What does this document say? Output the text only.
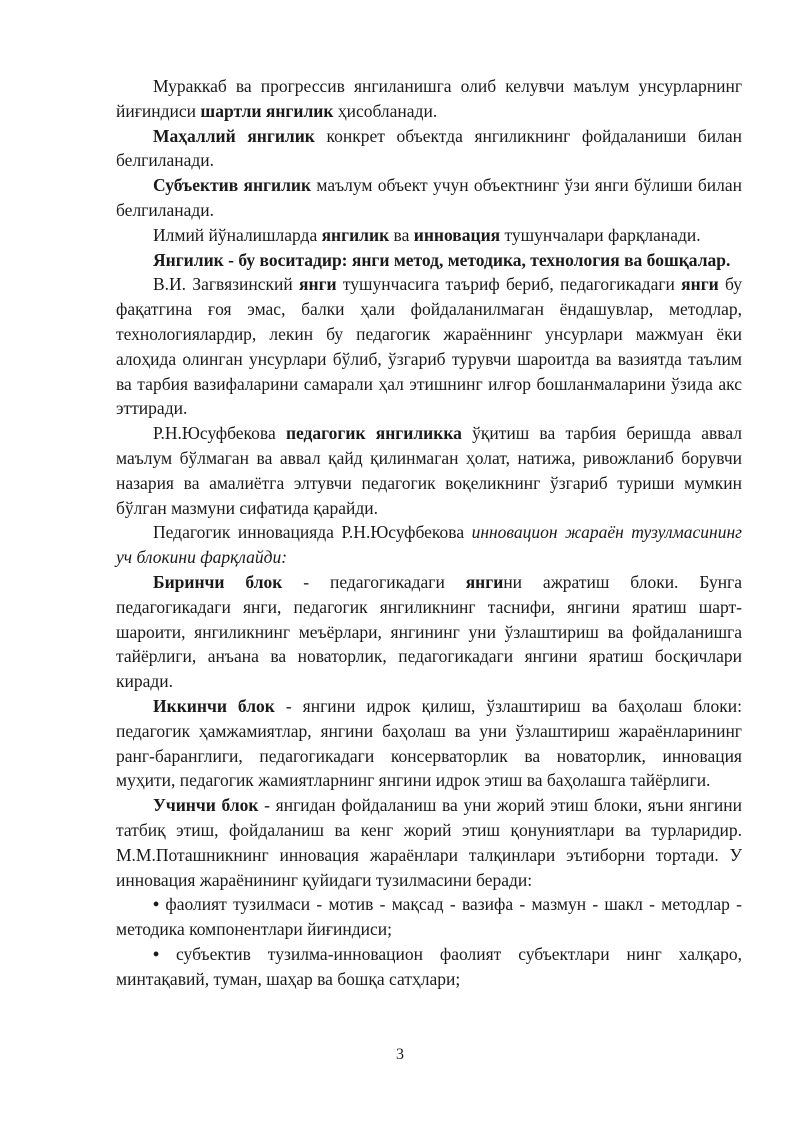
Мураккаб ва прогрессив янгиланишга олиб келувчи маълум унсурларнинг йиғиндиси шартли янгилик ҳисобланади.

Маҳаллий янгилик конкрет объектда янгиликнинг фойдаланиши билан белгиланади.

Субъектив янгилик маълум объект учун объектнинг ўзи янги бўлиши билан белгиланади.

Илмий йўналишларда янгилик ва инновация тушунчалари фарқланади.

Янгилик - бу воситадир: янги метод, методика, технология ва бошқалар.

В.И. Загвязинский янги тушунчасига таъриф бериб, педагогикадаги янги бу фақатгина ғоя эмас, балки ҳали фойдаланилмаган ёндашувлар, методлар, технологиялардир, лекин бу педагогик жараённинг унсурлари мажмуан ёки алоҳида олинган унсурлари бўлиб, ўзгариб турувчи шароитда ва вазиятда таълим ва тарбия вазифаларини самарали ҳал этишнинг илғор бошланмаларини ўзида акс эттиради.

Р.Н.Юсуфбекова педагогик янгиликка ўқитиш ва тарбия беришда аввал маълум бўлмаган ва аввал қайд қилинмаган ҳолат, натижа, ривожланиб борувчи назария ва амалиётга элтувчи педагогик воқеликнинг ўзгариб туриши мумкин бўлган мазмуни сифатида қарайди.

Педагогик инновацияда Р.Н.Юсуфбекова инновацион жараён тузулмасининг уч блокини фарқлайди:

Биринчи блок - педагогикадаги янгини ажратиш блоки. Бунга педагогикадаги янги, педагогик янгиликнинг таснифи, янгини яратиш шарт-шароити, янгиликнинг меъёрлари, янгининг уни ўзлаштириш ва фойдаланишга тайёрлиги, анъана ва новаторлик, педагогикадаги янгини яратиш босқичлари киради.

Иккинчи блок - янгини идрок қилиш, ўзлаштириш ва баҳолаш блоки: педагогик ҳамжамиятлар, янгини баҳолаш ва уни ўзлаштириш жараёнларининг ранг-баранглиги, педагогикадаги консерваторлик ва новаторлик, инновация муҳити, педагогик жамиятларнинг янгини идрок этиш ва баҳолашга тайёрлиги.

Учинчи блок - янгидан фойдаланиш ва уни жорий этиш блоки, яъни янгини татбиқ этиш, фойдаланиш ва кенг жорий этиш қонуниятлари ва турларидир. М.М.Поташникнинг инновация жараёнлари талқинлари эътиборни тортади. У инновация жараёнининг қуйидаги тузилмасини беради:

• фаолият тузилмаси - мотив - мақсад - вазифа - мазмун - шакл - методлар - методика компонентлари йиғиндиси;

• субъектив тузилма-инновацион фаолият субъектлари нинг халқаро, минтақавий, туман, шаҳар ва бошқа сатҳлари;

3
